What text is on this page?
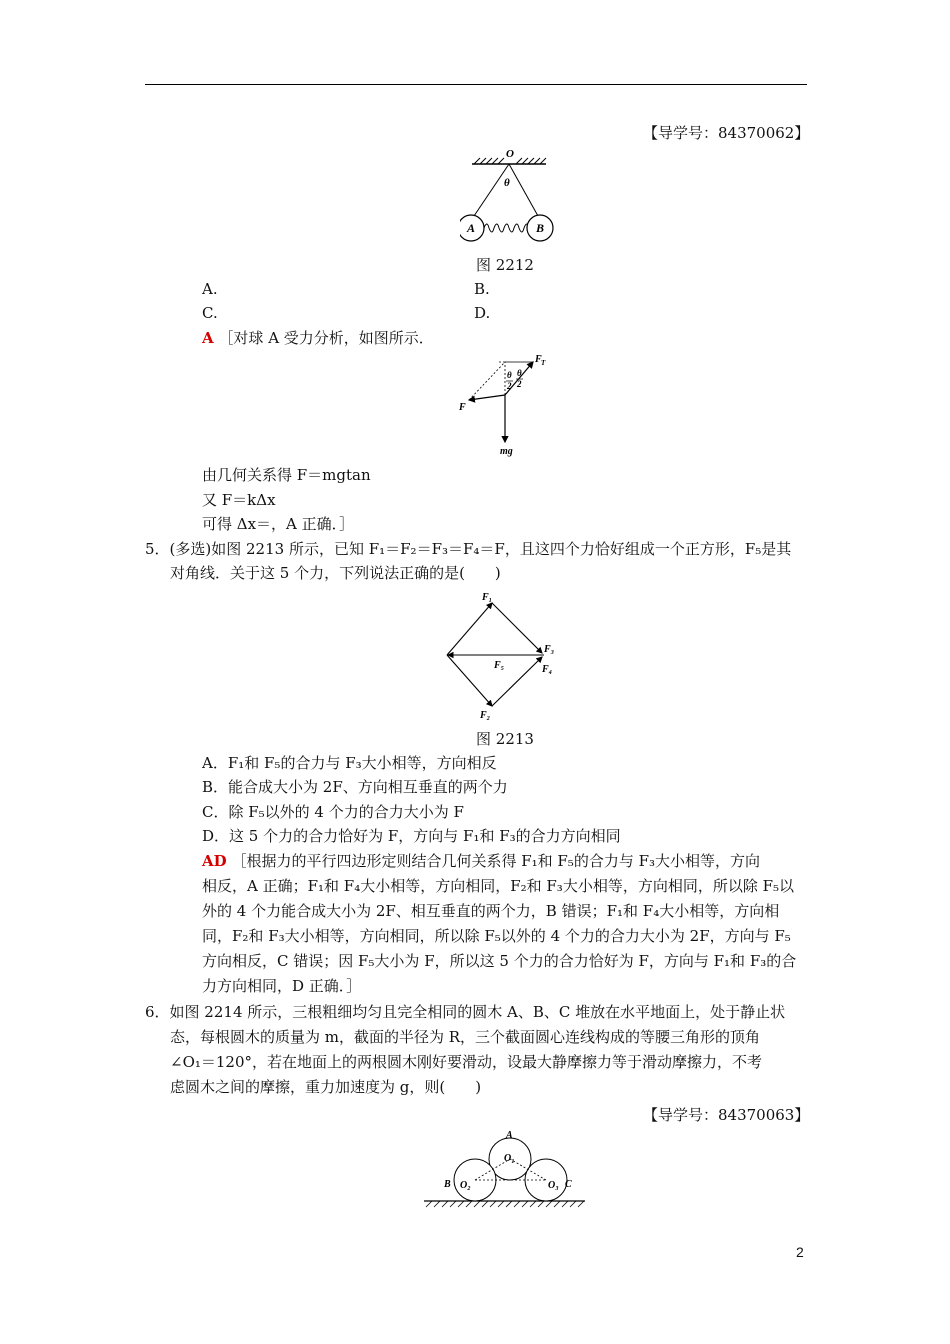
【导学号：84370062】
O
θ
A	B
图 2212
A.	B.
C.	D.
A ［对球 A 受力分析，如图所示．
F T
θ
2
θ
2
F
mg
由几何关系得 F＝mgtan
又 F＝kΔx
可得 Δx＝，A 正确．］
5．(多选)如图 2213 所示，已知 F₁＝F₂＝F₃＝F₄＝F，且这四个力恰好组成一个正方形，F₅是其
对角线．关于这 5 个力，下列说法正确的是(　　)
F₁
F₂
F₃
F₄
F₅
图 2213
A．F₁和 F₅的合力与 F₃大小相等，方向相反
B．能合成大小为 2F、方向相互垂直的两个力
C．除 F₅以外的 4 个力的合力大小为 F
D．这 5 个力的合力恰好为 F，方向与 F₁和 F₃的合力方向相同
AD ［根据力的平行四边形定则结合几何关系得 F₁和 F₅的合力与 F₃大小相等，方向
相反，A 正确；F₁和 F₄大小相等，方向相同，F₂和 F₃大小相等，方向相同，所以除 F₅以
外的 4 个力能合成大小为 2F、相互垂直的两个力，B 错误；F₁和 F₄大小相等，方向相
同，F₂和 F₃大小相等，方向相同，所以除 F₅以外的 4 个力的合力大小为 2F，方向与 F₅
方向相反，C 错误；因 F₅大小为 F，所以这 5 个力的合力恰好为 F，方向与 F₁和 F₃的合
力方向相同，D 正确．］
6．如图 2214 所示，三根粗细均匀且完全相同的圆木 A、B、C 堆放在水平地面上，处于静止状
态，每根圆木的质量为 m，截面的半径为 R，三个截面圆心连线构成的等腰三角形的顶角
∠O₁＝120°，若在地面上的两根圆木刚好要滑动，设最大静摩擦力等于滑动摩擦力，不考
虑圆木之间的摩擦，重力加速度为 g，则(　　)
【导学号：84370063】
A
B	C
O₁
O₂	O₃
2
